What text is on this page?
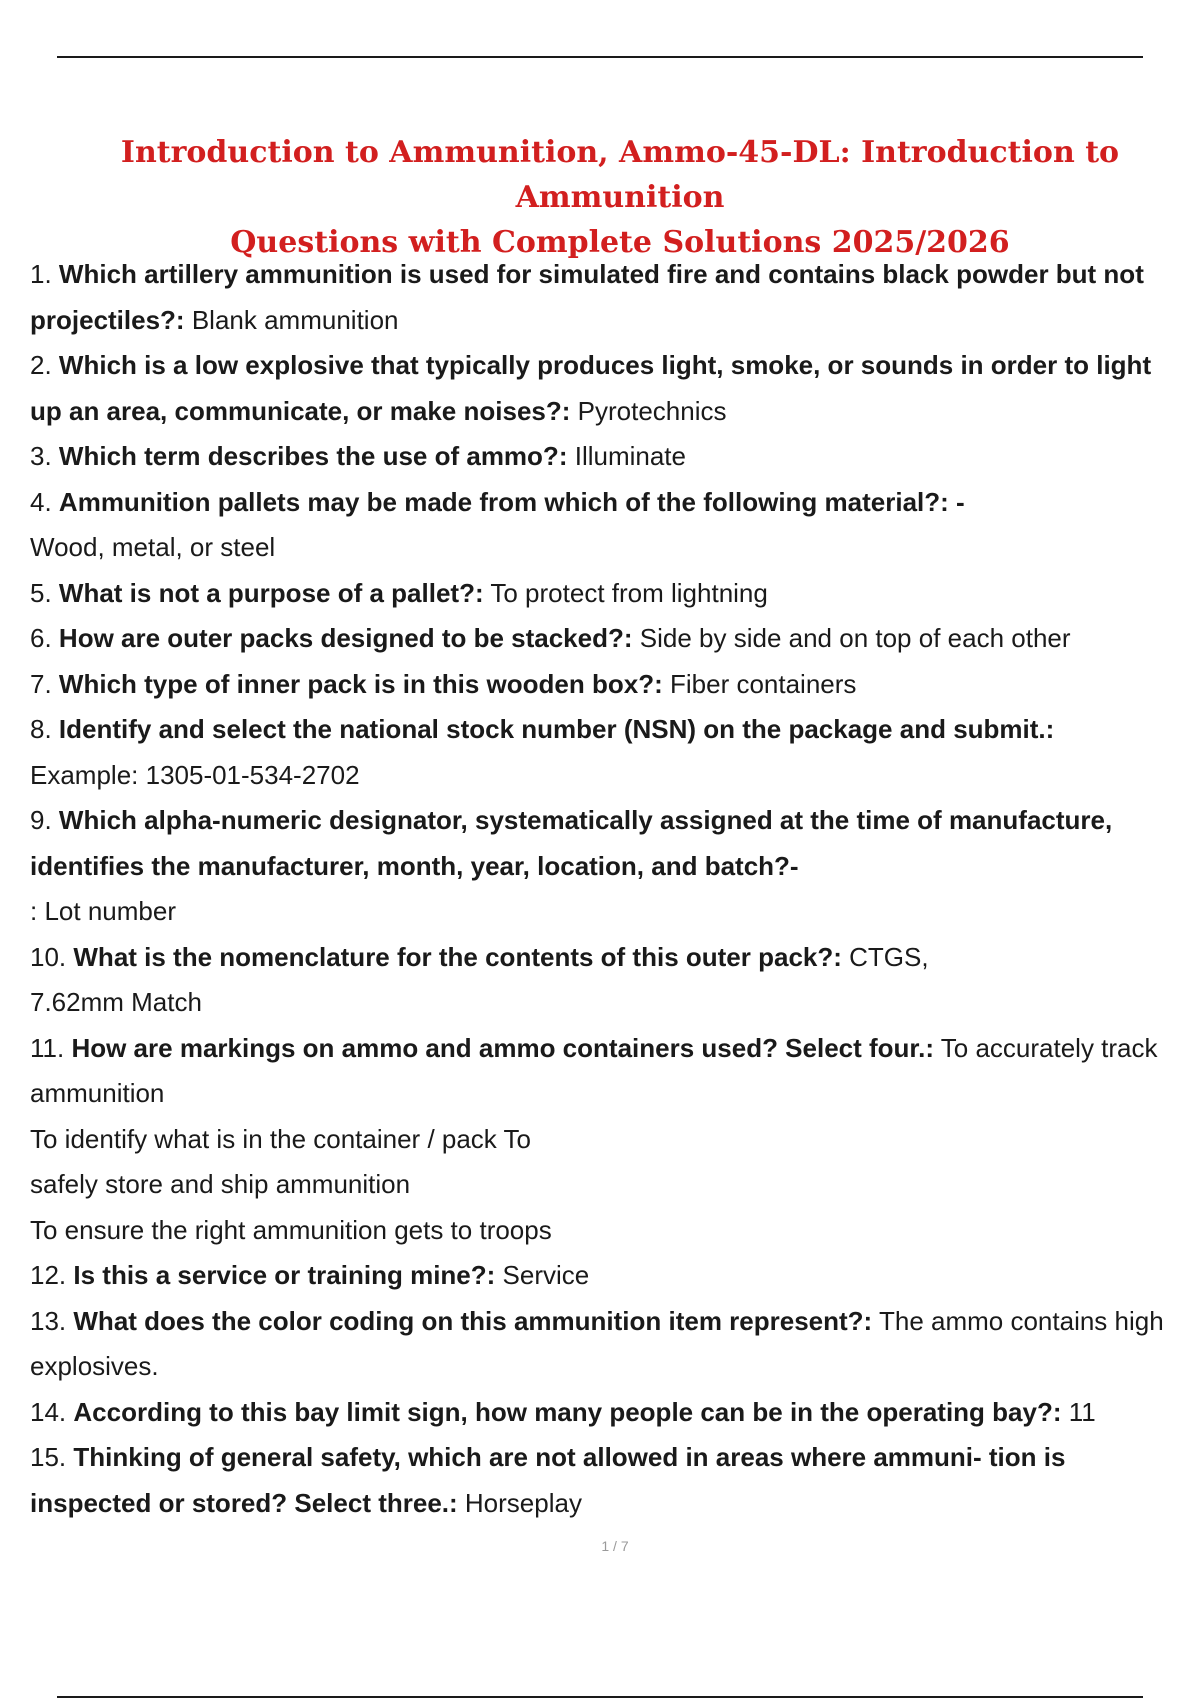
Introduction to Ammunition, Ammo-45-DL: Introduction to Ammunition
Questions with Complete Solutions 2025/2026
1. Which artillery ammunition is used for simulated fire and contains black powder but not projectiles?: Blank ammunition
2. Which is a low explosive that typically produces light, smoke, or sounds in order to light up an area, communicate, or make noises?: Pyrotechnics
3. Which term describes the use of ammo?: Illuminate
4. Ammunition pallets may be made from which of the following material?: -
Wood, metal, or steel
5. What is not a purpose of a pallet?: To protect from lightning
6. How are outer packs designed to be stacked?: Side by side and on top of each other
7. Which type of inner pack is in this wooden box?: Fiber containers
8. Identify and select the national stock number (NSN) on the package and submit.:
Example: 1305-01-534-2702
9. Which alpha-numeric designator, systematically assigned at the time of manufacture, identifies the manufacturer, month, year, location, and batch?-
: Lot number
10. What is the nomenclature for the contents of this outer pack?: CTGS,
7.62mm Match
11. How are markings on ammo and ammo containers used? Select four.: To accurately track ammunition
To identify what is in the container / pack To
safely store and ship ammunition
To ensure the right ammunition gets to troops
12. Is this a service or training mine?: Service
13. What does the color coding on this ammunition item represent?: The ammo contains high explosives.
14. According to this bay limit sign, how many people can be in the operating bay?: 11
15. Thinking of general safety, which are not allowed in areas where ammuni- tion is inspected or stored? Select three.: Horseplay
1 / 7
